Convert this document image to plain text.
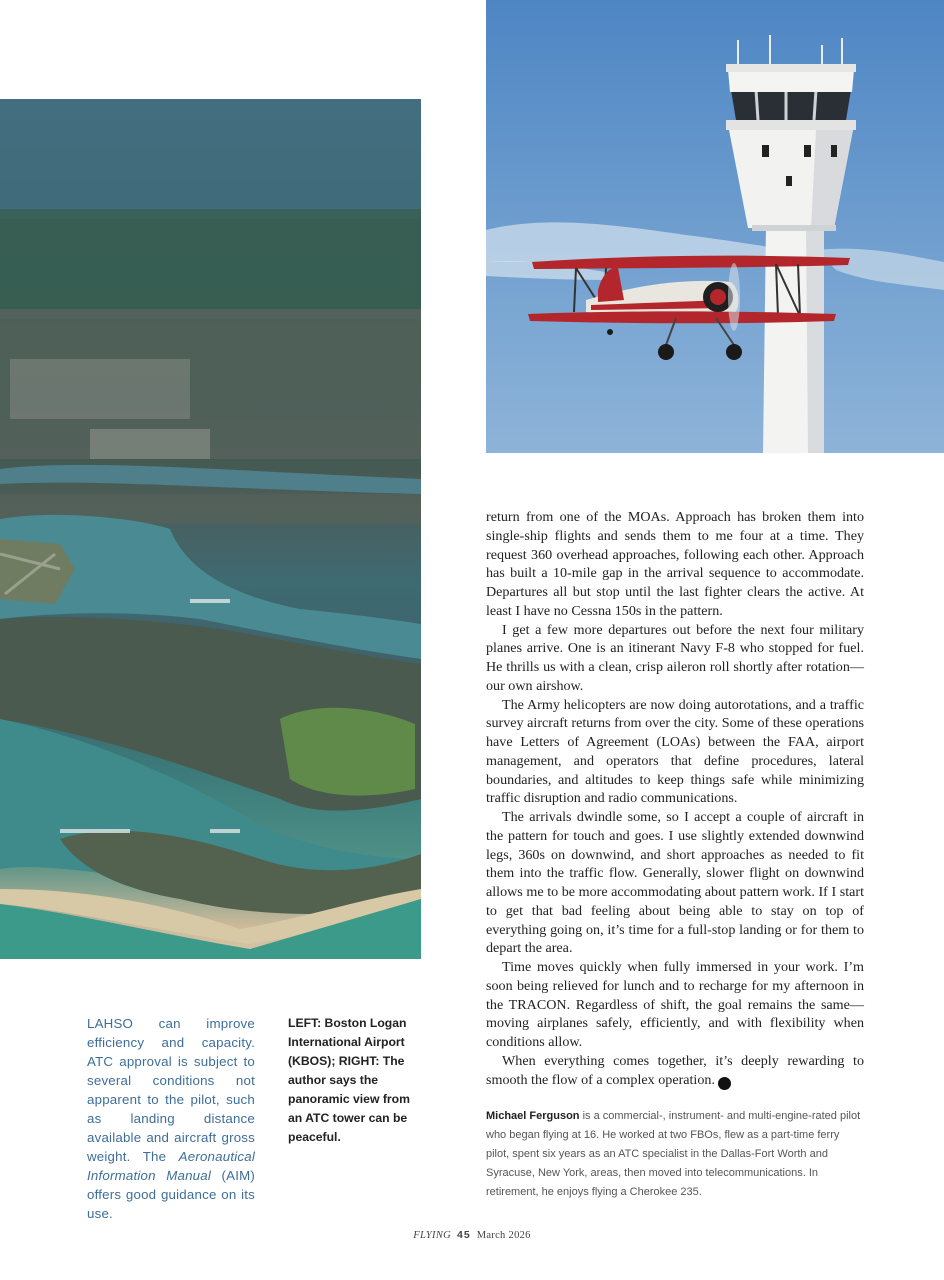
return from one of the MOAs. Approach has broken them into single-ship flights and sends them to me four at a time. They request 360 overhead approaches, following each other. Approach has built a 10-mile gap in the arrival sequence to accommodate. Departures all but stop until the last fighter clears the active. At least I have no Cessna 150s in the pattern.

I get a few more departures out before the next four military planes arrive. One is an itinerant Navy F-8 who stopped for fuel. He thrills us with a clean, crisp aileron roll shortly after rotation—our own airshow.

The Army helicopters are now doing autorotations, and a traffic survey aircraft returns from over the city. Some of these operations have Letters of Agreement (LOAs) between the FAA, airport management, and operators that define procedures, lateral boundaries, and altitudes to keep things safe while minimizing traffic disruption and radio communications.

The arrivals dwindle some, so I accept a couple of aircraft in the pattern for touch and goes. I use slightly extended downwind legs, 360s on downwind, and short approaches as needed to fit them into the traffic flow. Generally, slower flight on downwind allows me to be more accommodating about pattern work. If I start to get that bad feeling about being able to stay on top of everything going on, it’s time for a full-stop landing or for them to depart the area.

Time moves quickly when fully immersed in your work. I’m soon being relieved for lunch and to recharge for my afternoon in the TRACON. Regardless of shift, the goal remains the same—moving airplanes safely, efficiently, and with flexibility when conditions allow.

When everything comes together, it’s deeply rewarding to smooth the flow of a complex operation. F

Michael Ferguson is a commercial-, instrument- and multi-engine-rated pilot who began flying at 16. He worked at two FBOs, flew as a part-time ferry pilot, spent six years as an ATC specialist in the Dallas-Fort Worth and Syracuse, New York, areas, then moved into telecommunications. In retirement, he enjoys flying a Cherokee 235.
LAHSO can improve efficiency and capacity. ATC approval is subject to several conditions not apparent to the pilot, such as landing distance available and aircraft gross weight. The Aeronautical Information Manual (AIM) offers good guidance on its use.
LEFT: Boston Logan International Airport (KBOS); RIGHT: The author says the panoramic view from an ATC tower can be peaceful.
FLYING 45 March 2026
